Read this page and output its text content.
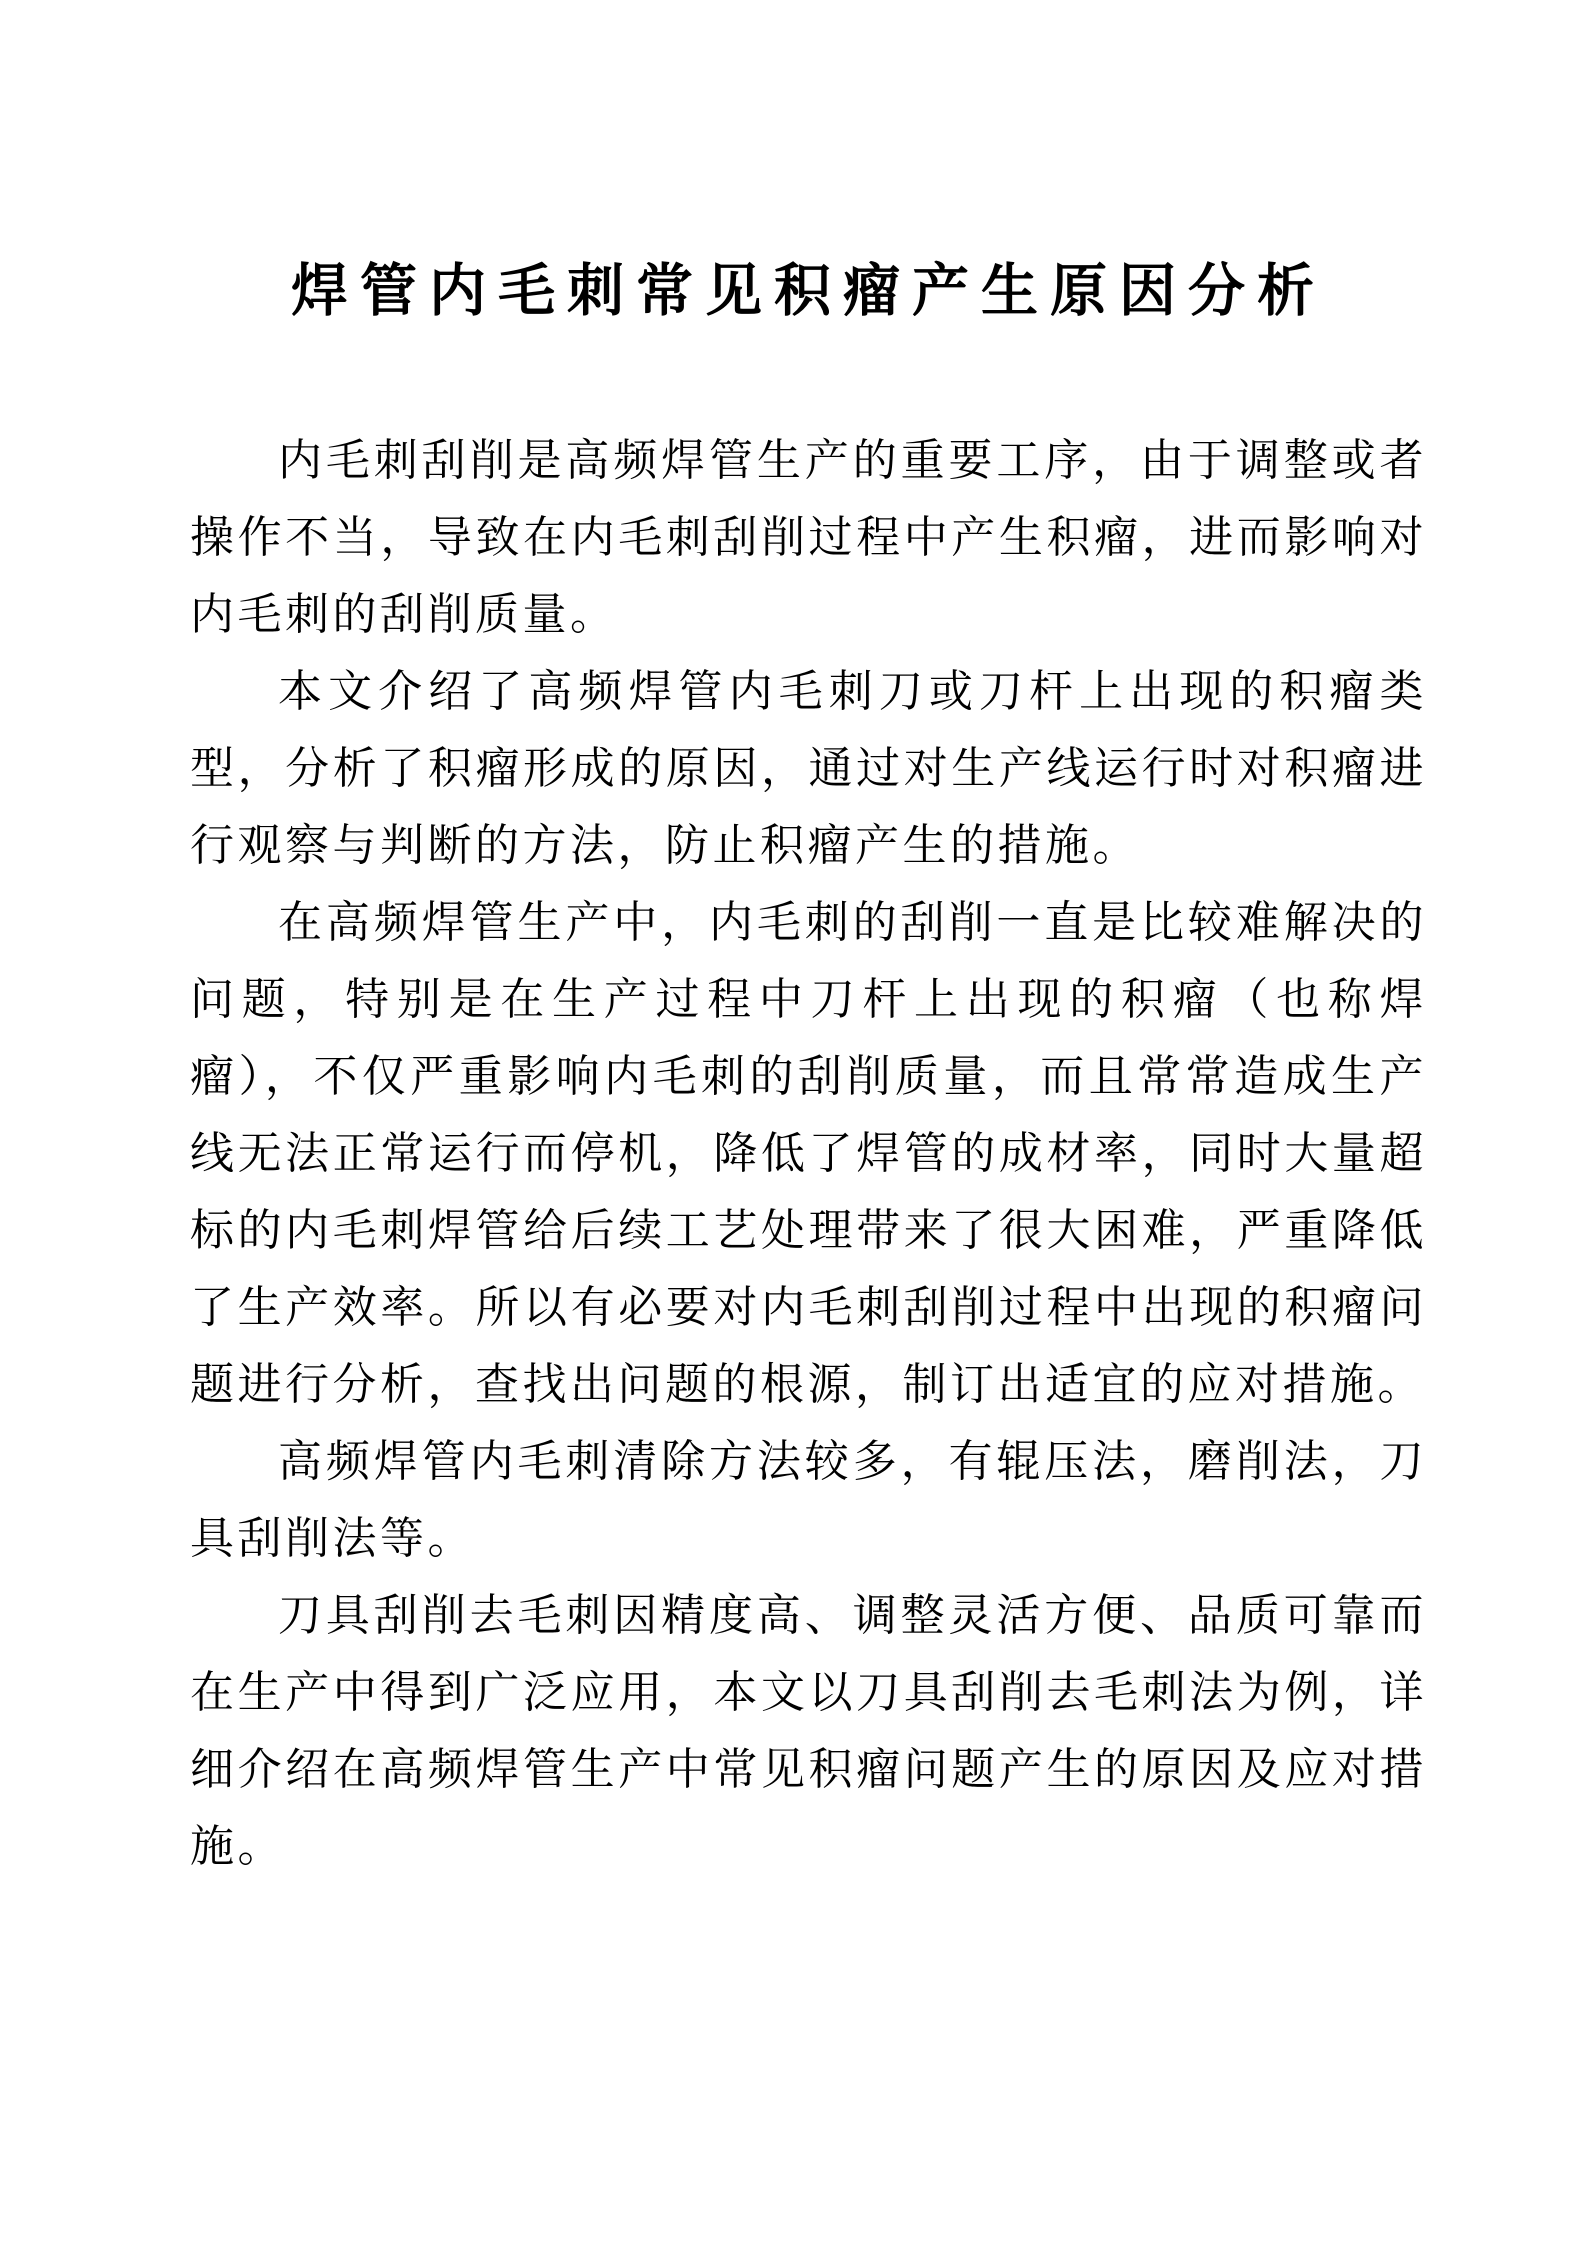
焊管内毛刺常见积瘤产生原因分析

内毛刺刮削是高频焊管生产的重要工序，由于调整或者操作不当，导致在内毛刺刮削过程中产生积瘤，进而影响对内毛刺的刮削质量。

本文介绍了高频焊管内毛刺刀或刀杆上出现的积瘤类型，分析了积瘤形成的原因，通过对生产线运行时对积瘤进行观察与判断的方法，防止积瘤产生的措施。

在高频焊管生产中，内毛刺的刮削一直是比较难解决的问题，特别是在生产过程中刀杆上出现的积瘤（也称焊瘤），不仅严重影响内毛刺的刮削质量，而且常常造成生产线无法正常运行而停机，降低了焊管的成材率，同时大量超标的内毛刺焊管给后续工艺处理带来了很大困难，严重降低了生产效率。所以有必要对内毛刺刮削过程中出现的积瘤问题进行分析，查找出问题的根源，制订出适宜的应对措施。

高频焊管内毛刺清除方法较多，有辊压法，磨削法，刀具刮削法等。

刀具刮削去毛刺因精度高、调整灵活方便、品质可靠而在生产中得到广泛应用，本文以刀具刮削去毛刺法为例，详细介绍在高频焊管生产中常见积瘤问题产生的原因及应对措施。
